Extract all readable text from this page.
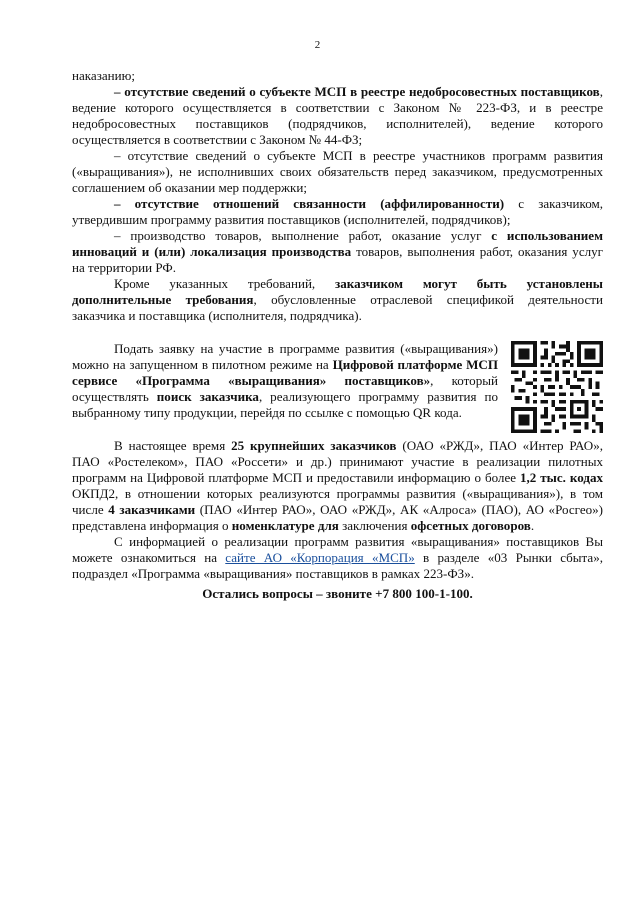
2

наказанию;

– отсутствие сведений о субъекте МСП в реестре недобросовестных поставщиков, ведение которого осуществляется в соответствии с Законом № 223-ФЗ, и в реестре недобросовестных поставщиков (подрядчиков, исполнителей), ведение которого осуществляется в соответствии с Законом № 44-ФЗ;

– отсутствие сведений о субъекте МСП в реестре участников программ развития («выращивания»), не исполнивших своих обязательств перед заказчиком, предусмотренных соглашением об оказании мер поддержки;

– отсутствие отношений связанности (аффилированности) с заказчиком, утвердившим программу развития поставщиков (исполнителей, подрядчиков);

– производство товаров, выполнение работ, оказание услуг с использованием инноваций и (или) локализация производства товаров, выполнения работ, оказания услуг на территории РФ.

Кроме указанных требований, заказчиком могут быть установлены дополнительные требования, обусловленные отраслевой спецификой деятельности заказчика и поставщика (исполнителя, подрядчика).

Подать заявку на участие в программе развития («выращивания») можно на запущенном в пилотном режиме на Цифровой платформе МСП сервисе «Программа «выращивания» поставщиков», который осуществлять поиск заказчика, реализующего программу развития по выбранному типу продукции, перейдя по ссылке с помощью QR кода.

В настоящее время 25 крупнейших заказчиков (ОАО «РЖД», ПАО «Интер РАО», ПАО «Ростелеком», ПАО «Россети» и др.) принимают участие в реализации пилотных программ на Цифровой платформе МСП и предоставили информацию о более 1,2 тыс. кодах ОКПД2, в отношении которых реализуются программы развития («выращивания»), в том числе 4 заказчиками (ПАО «Интер РАО», ОАО «РЖД», АК «Алроса» (ПАО), АО «Росгео») представлена информация о номенклатуре для заключения офсетных договоров.

С информацией о реализации программ развития «выращивания» поставщиков Вы можете ознакомиться на сайте АО «Корпорация «МСП» в разделе «03 Рынки сбыта», подраздел «Программа «выращивания» поставщиков в рамках 223-ФЗ».

Остались вопросы – звоните +7 800 100-1-100.
